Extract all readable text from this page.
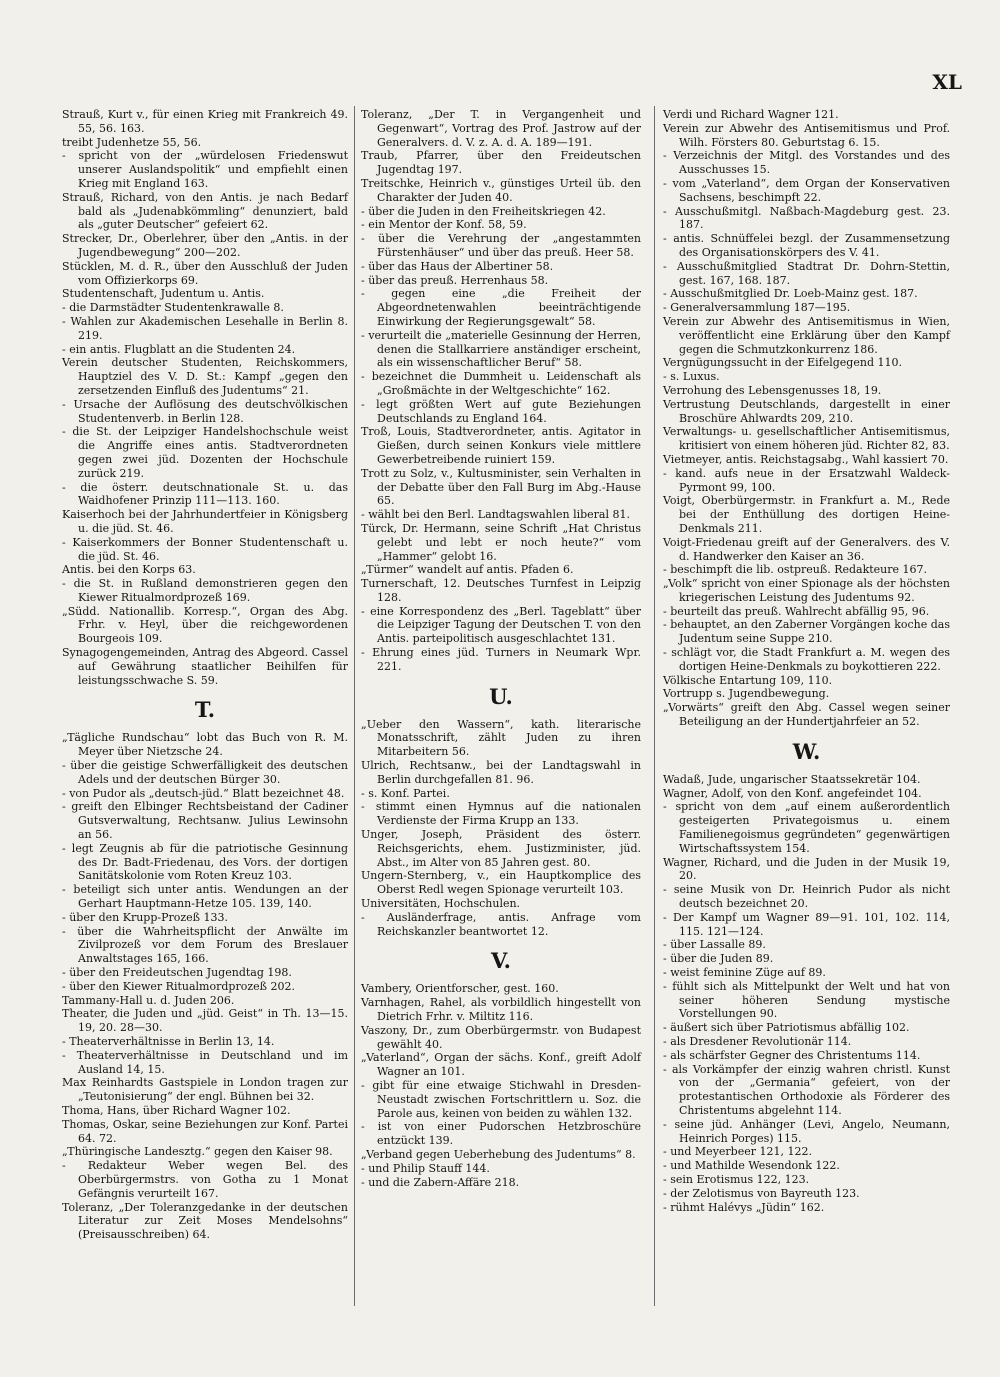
XL
Strauß, Kurt v., für einen Krieg mit Frankreich 49. 55, 56. 163.
treibt Judenhetze 55, 56.
- spricht von der „würdelosen Friedenswut unserer Auslandspolitik“ und empfiehlt einen Krieg mit England 163.
Strauß, Richard, von den Antis. je nach Bedarf bald als „Judenabkömmling“ denunziert, bald als „guter Deutscher“ gefeiert 62.
Strecker, Dr., Oberlehrer, über den „Antis. in der Jugendbewegung“ 200—202.
Stücklen, M. d. R., über den Ausschluß der Juden vom Offizierkorps 69.
Studentenschaft, Judentum u. Antis.
- die Darmstädter Studentenkrawalle 8.
- Wahlen zur Akademischen Lesehalle in Berlin 8. 219.
- ein antis. Flugblatt an die Studenten 24.
Verein deutscher Studenten, Reichskommers, Hauptziel des V. D. St.: Kampf „gegen den zersetzenden Einfluß des Judentums“ 21.
- Ursache der Auflösung des deutschvölkischen Studentenverb. in Berlin 128.
- die St. der Leipziger Handelshochschule weist die Angriffe eines antis. Stadtverordneten gegen zwei jüd. Dozenten der Hochschule zurück 219.
- die österr. deutschnationale St. u. das Waidhofener Prinzip 111—113. 160.
Kaiserhoch bei der Jahrhundertfeier in Königsberg u. die jüd. St. 46.
- Kaiserkommers der Bonner Studentenschaft u. die jüd. St. 46.
Antis. bei den Korps 63.
- die St. in Rußland demonstrieren gegen den Kiewer Ritualmordprozeß 169.
„Südd. Nationallib. Korresp.“, Organ des Abg. Frhr. v. Heyl, über die reichgewordenen Bourgeois 109.
Synagogengemeinden, Antrag des Abgeord. Cassel auf Gewährung staatlicher Beihilfen für leistungsschwache S. 59.
T.
„Tägliche Rundschau“ lobt das Buch von R. M. Meyer über Nietzsche 24.
- über die geistige Schwerfälligkeit des deutschen Adels und der deutschen Bürger 30.
- von Pudor als „deutsch-jüd.“ Blatt bezeichnet 48.
- greift den Elbinger Rechtsbeistand der Cadiner Gutsverwaltung, Rechtsanw. Julius Lewinsohn an 56.
- legt Zeugnis ab für die patriotische Gesinnung des Dr. Badt-Friedenau, des Vors. der dortigen Sanitätskolonie vom Roten Kreuz 103.
- beteiligt sich unter antis. Wendungen an der Gerhart Hauptmann-Hetze 105. 139, 140.
- über den Krupp-Prozeß 133.
- über die Wahrheitspflicht der Anwälte im Zivilprozeß vor dem Forum des Breslauer Anwaltstages 165, 166.
- über den Freideutschen Jugendtag 198.
- über den Kiewer Ritualmordprozeß 202.
Tammany-Hall u. d. Juden 206.
Theater, die Juden und „jüd. Geist“ in Th. 13—15. 19, 20. 28—30.
- Theaterverhältnisse in Berlin 13, 14.
- Theaterverhältnisse in Deutschland und im Ausland 14, 15.
Max Reinhardts Gastspiele in London tragen zur „Teutonisierung“ der engl. Bühnen bei 32.
Thoma, Hans, über Richard Wagner 102.
Thomas, Oskar, seine Beziehungen zur Konf. Partei 64. 72.
„Thüringische Landesztg.“ gegen den Kaiser 98.
- Redakteur Weber wegen Bel. des Oberbürgermstrs. von Gotha zu 1 Monat Gefängnis verurteilt 167.
Toleranz, „Der Toleranzgedanke in der deutschen Literatur zur Zeit Moses Mendelsohns“ (Preisausschreiben) 64.
Toleranz, „Der T. in Vergangenheit und Gegenwart“, Vortrag des Prof. Jastrow auf der Generalvers. d. V. z. A. d. A. 189—191.
Traub, Pfarrer, über den Freideutschen Jugendtag 197.
Treitschke, Heinrich v., günstiges Urteil üb. den Charakter der Juden 40.
- über die Juden in den Freiheitskriegen 42.
- ein Mentor der Konf. 58, 59.
- über die Verehrung der „angestammten Fürstenhäuser“ und über das preuß. Heer 58.
- über das Haus der Albertiner 58.
- über das preuß. Herrenhaus 58.
- gegen eine „die Freiheit der Abgeordnetenwahlen beeinträchtigende Einwirkung der Regierungsgewalt“ 58.
- verurteilt die „materielle Gesinnung der Herren, denen die Stallkarriere anständiger erscheint, als ein wissenschaftlicher Beruf“ 58.
- bezeichnet die Dummheit u. Leidenschaft als „Großmächte in der Weltgeschichte“ 162.
- legt größten Wert auf gute Beziehungen Deutschlands zu England 164.
Troß, Louis, Stadtverordneter, antis. Agitator in Gießen, durch seinen Konkurs viele mittlere Gewerbetreibende ruiniert 159.
Trott zu Solz, v., Kultusminister, sein Verhalten in der Debatte über den Fall Burg im Abg.-Hause 65.
- wählt bei den Berl. Landtagswahlen liberal 81.
Türck, Dr. Hermann, seine Schrift „Hat Christus gelebt und lebt er noch heute?“ vom „Hammer“ gelobt 16.
„Türmer“ wandelt auf antis. Pfaden 6.
Turnerschaft, 12. Deutsches Turnfest in Leipzig 128.
- eine Korrespondenz des „Berl. Tageblatt“ über die Leipziger Tagung der Deutschen T. von den Antis. parteipolitisch ausgeschlachtet 131.
- Ehrung eines jüd. Turners in Neumark Wpr. 221.
U.
„Ueber den Wassern“, kath. literarische Monatsschrift, zählt Juden zu ihren Mitarbeitern 56.
Ulrich, Rechtsanw., bei der Landtagswahl in Berlin durchgefallen 81. 96.
- s. Konf. Partei.
- stimmt einen Hymnus auf die nationalen Verdienste der Firma Krupp an 133.
Unger, Joseph, Präsident des österr. Reichsgerichts, ehem. Justizminister, jüd. Abst., im Alter von 85 Jahren gest. 80.
Ungern-Sternberg, v., ein Hauptkomplice des Oberst Redl wegen Spionage verurteilt 103.
Universitäten, Hochschulen.
- Ausländerfrage, antis. Anfrage vom Reichskanzler beantwortet 12.
V.
Vambery, Orientforscher, gest. 160.
Varnhagen, Rahel, als vorbildlich hingestellt von Dietrich Frhr. v. Miltitz 116.
Vaszony, Dr., zum Oberbürgermstr. von Budapest gewählt 40.
„Vaterland“, Organ der sächs. Konf., greift Adolf Wagner an 101.
- gibt für eine etwaige Stichwahl in Dresden-Neustadt zwischen Fortschrittlern u. Soz. die Parole aus, keinen von beiden zu wählen 132.
- ist von einer Pudorschen Hetzbroschüre entzückt 139.
„Verband gegen Ueberhebung des Judentums“ 8.
- und Philip Stauff 144.
- und die Zabern-Affäre 218.
Verdi und Richard Wagner 121.
Verein zur Abwehr des Antisemitismus und Prof. Wilh. Försters 80. Geburtstag 6. 15.
- Verzeichnis der Mitgl. des Vorstandes und des Ausschusses 15.
- vom „Vaterland“, dem Organ der Konservativen Sachsens, beschimpft 22.
- Ausschußmitgl. Naßbach-Magdeburg gest. 23. 187.
- antis. Schnüffelei bezgl. der Zusammensetzung des Organisationskörpers des V. 41.
- Ausschußmitglied Stadtrat Dr. Dohrn-Stettin, gest. 167, 168. 187.
- Ausschußmitglied Dr. Loeb-Mainz gest. 187.
- Generalversammlung 187—195.
Verein zur Abwehr des Antisemitismus in Wien, veröffentlicht eine Erklärung über den Kampf gegen die Schmutzkonkurrenz 186.
Vergnügungssucht in der Eifelgegend 110.
- s. Luxus.
Verrohung des Lebensgenusses 18, 19.
Vertrustung Deutschlands, dargestellt in einer Broschüre Ahlwardts 209, 210.
Verwaltungs- u. gesellschaftlicher Antisemitismus, kritisiert von einem höheren jüd. Richter 82, 83.
Vietmeyer, antis. Reichstagsabg., Wahl kassiert 70.
- kand. aufs neue in der Ersatzwahl Waldeck-Pyrmont 99, 100.
Voigt, Oberbürgermstr. in Frankfurt a. M., Rede bei der Enthüllung des dortigen Heine-Denkmals 211.
Voigt-Friedenau greift auf der Generalvers. des V. d. Handwerker den Kaiser an 36.
- beschimpft die lib. ostpreuß. Redakteure 167.
„Volk“ spricht von einer Spionage als der höchsten kriegerischen Leistung des Judentums 92.
- beurteilt das preuß. Wahlrecht abfällig 95, 96.
- behauptet, an den Zaberner Vorgängen koche das Judentum seine Suppe 210.
- schlägt vor, die Stadt Frankfurt a. M. wegen des dortigen Heine-Denkmals zu boykottieren 222.
Völkische Entartung 109, 110.
Vortrupp s. Jugendbewegung.
„Vorwärts“ greift den Abg. Cassel wegen seiner Beteiligung an der Hundertjahrfeier an 52.
W.
Wadaß, Jude, ungarischer Staatssekretär 104.
Wagner, Adolf, von den Konf. angefeindet 104.
- spricht von dem „auf einem außerordentlich gesteigerten Privategoismus u. einem Familienegoismus gegründeten“ gegenwärtigen Wirtschaftssystem 154.
Wagner, Richard, und die Juden in der Musik 19, 20.
- seine Musik von Dr. Heinrich Pudor als nicht deutsch bezeichnet 20.
- Der Kampf um Wagner 89—91. 101, 102. 114, 115. 121—124.
- über Lassalle 89.
- über die Juden 89.
- weist feminine Züge auf 89.
- fühlt sich als Mittelpunkt der Welt und hat von seiner höheren Sendung mystische Vorstellungen 90.
- äußert sich über Patriotismus abfällig 102.
- als Dresdener Revolutionär 114.
- als schärfster Gegner des Christentums 114.
- als Vorkämpfer der einzig wahren christl. Kunst von der „Germania“ gefeiert, von der protestantischen Orthodoxie als Förderer des Christentums abgelehnt 114.
- seine jüd. Anhänger (Levi, Angelo, Neumann, Heinrich Porges) 115.
- und Meyerbeer 121, 122.
- und Mathilde Wesendonk 122.
- sein Erotismus 122, 123.
- der Zelotismus von Bayreuth 123.
- rühmt Halévys „Jüdin“ 162.
